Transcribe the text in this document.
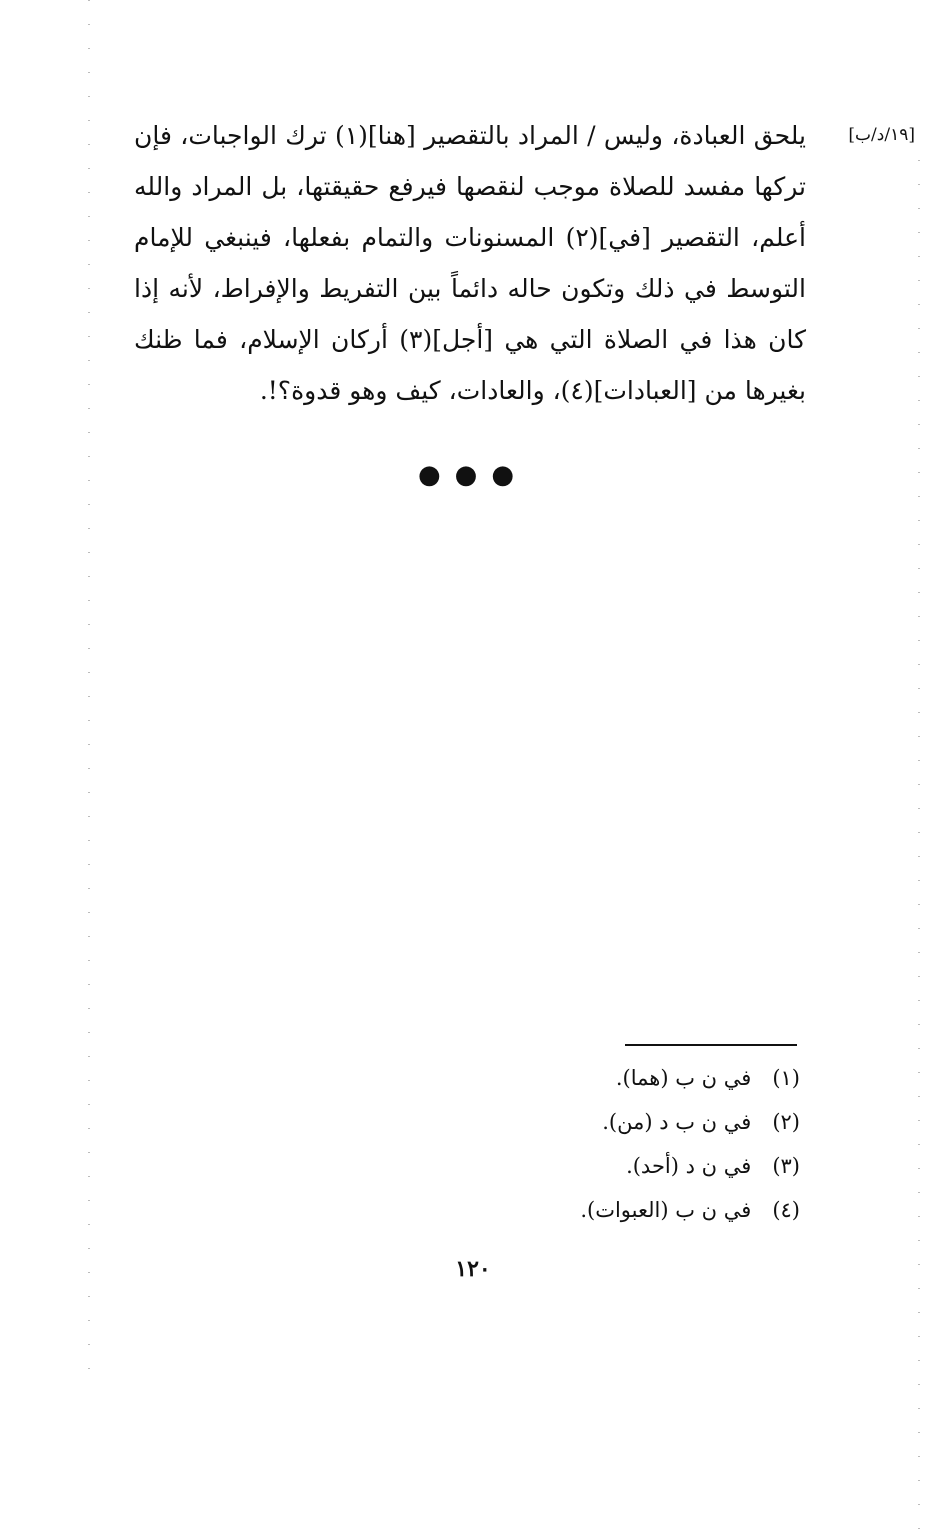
[١٩/د/ب]
يلحق العبادة، وليس / المراد بالتقصير [هنا](١) ترك الواجبات، فإن
تركها مفسد للصلاة موجب لنقصها فيرفع حقيقتها، بل المراد والله
أعلم، التقصير [في](٢) المسنونات والتمام بفعلها، فينبغي للإمام
التوسط في ذلك وتكون حاله دائماً بين التفريط والإفراط، لأنه إذا
كان هذا في الصلاة التي هي [أجل](٣) أركان الإسلام، فما ظنك
بغيرها من [العبادات](٤)، والعادات، كيف وهو قدوة؟!.
●●●
(١) في ن ب (هما).
(٢) في ن ب د (من).
(٣) في ن د (أحد).
(٤) في ن ب (العبوات).
١٢٠
